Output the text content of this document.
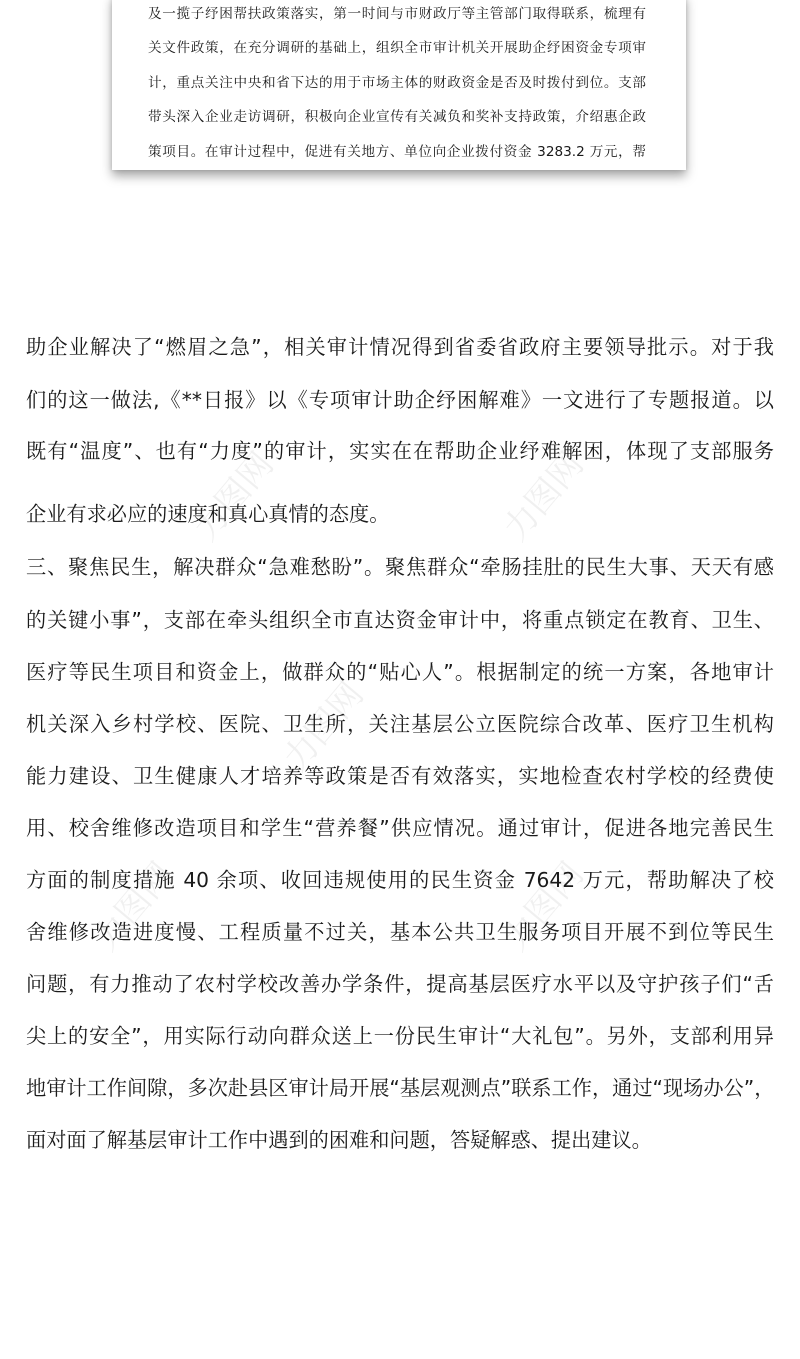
及一揽子纾困帮扶政策落实，第一时间与市财政厅等主管部门取得联系，梳理有
关文件政策，在充分调研的基础上，组织全市审计机关开展助企纾困资金专项审
计，重点关注中央和省下达的用于市场主体的财政资金是否及时拨付到位。支部
带头深入企业走访调研，积极向企业宣传有关减负和奖补支持政策，介绍惠企政
策项目。在审计过程中，促进有关地方、单位向企业拨付资金 3283.2 万元，帮
力图网	力图网
力图网
力图网	力图网
助企业解决了“燃眉之急”，相关审计情况得到省委省政府主要领导批示。对于我
们的这一做法,《**日报》以《专项审计助企纾困解难》一文进行了专题报道。以
既有“温度”、也有“力度”的审计，实实在在帮助企业纾难解困，体现了支部服务
企业有求必应的速度和真心真情的态度。
三、聚焦民生，解决群众“急难愁盼”。聚焦群众“牵肠挂肚的民生大事、天天有感
的关键小事”，支部在牵头组织全市直达资金审计中，将重点锁定在教育、卫生、
医疗等民生项目和资金上，做群众的“贴心人”。根据制定的统一方案，各地审计
机关深入乡村学校、医院、卫生所，关注基层公立医院综合改革、医疗卫生机构
能力建设、卫生健康人才培养等政策是否有效落实，实地检查农村学校的经费使
用、校舍维修改造项目和学生“营养餐”供应情况。通过审计，促进各地完善民生
方面的制度措施 40 余项、收回违规使用的民生资金 7642 万元，帮助解决了校
舍维修改造进度慢、工程质量不过关，基本公共卫生服务项目开展不到位等民生
问题，有力推动了农村学校改善办学条件，提高基层医疗水平以及守护孩子们“舌
尖上的安全”，用实际行动向群众送上一份民生审计“大礼包”。另外，支部利用异
地审计工作间隙，多次赴县区审计局开展“基层观测点”联系工作，通过“现场办公”，
面对面了解基层审计工作中遇到的困难和问题，答疑解惑、提出建议。
